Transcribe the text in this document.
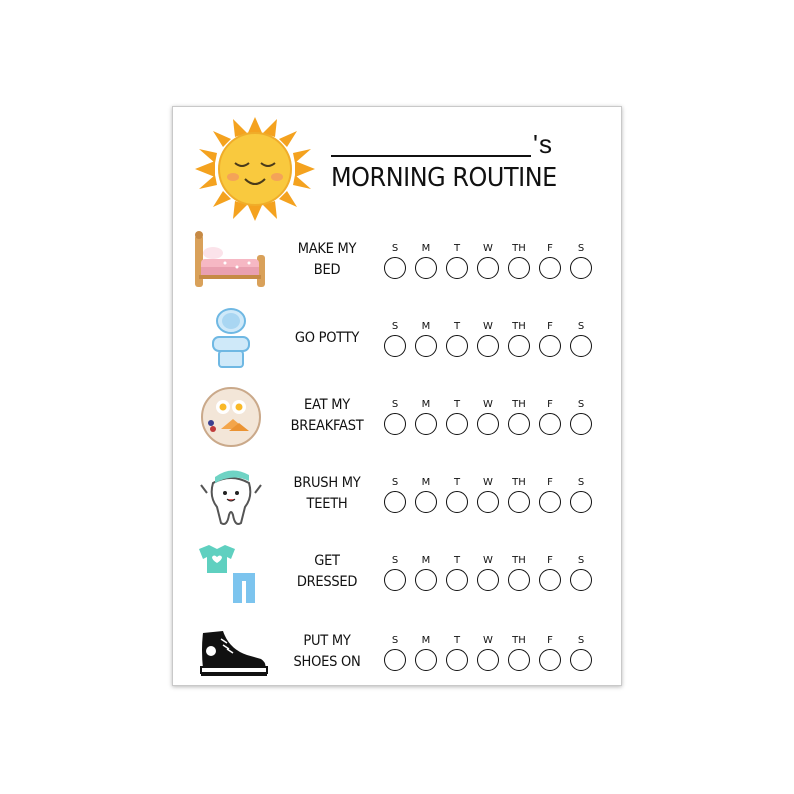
's
MORNING ROUTINE
MAKE MY
BED
S M T W TH F S
GO POTTY
S M T W TH F S
EAT MY
BREAKFAST
S M T W TH F S
BRUSH MY
TEETH
S M T W TH F S
GET
DRESSED
S M T W TH F S
PUT MY
SHOES ON
S M T W TH F S
